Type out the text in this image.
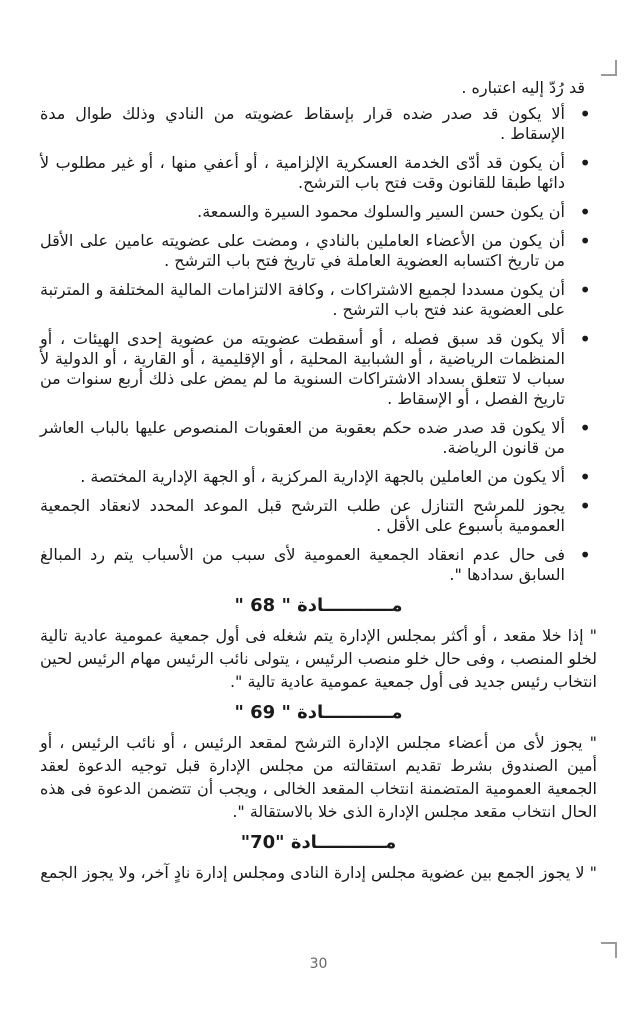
قد رُدّ إليه اعتباره .

• ألا يكون قد صدر ضده قرار بإسقاط عضويته من النادي وذلك طوال مدة الإسقاط .
• أن يكون قد أدّى الخدمة العسكرية الإلزامية ، أو أعفي منها ، أو غير مطلوب لأ دائها طبقا للقانون وقت فتح باب الترشح.
• أن يكون حسن السير والسلوك محمود السيرة والسمعة.
• أن يكون من الأعضاء العاملين بالنادي ، ومضت على عضويته عامين على الأقل من تاريخ اكتسابه العضوية العاملة في تاريخ فتح باب الترشح .
• أن يكون مسددا لجميع الاشتراكات ، وكافة الالتزامات المالية المختلفة و المترتبة على العضوية عند فتح باب الترشح .
• ألا يكون قد سبق فصله ، أو أسقطت عضويته من عضوية إحدى الهيئات ، أو المنظمات الرياضية ، أو الشبابية المحلية ، أو الإقليمية ، أو القارية ، أو الدولية لأ سباب لا تتعلق بسداد الاشتراكات السنوية ما لم يمض على ذلك أربع سنوات من تاريخ الفصل ، أو الإسقاط .
• ألا يكون قد صدر ضده حكم بعقوبة من العقوبات المنصوص عليها بالباب العاشر من قانون الرياضة.
• ألا يكون من العاملين بالجهة الإدارية المركزية ، أو الجهة الإدارية المختصة .
• يجوز للمرشح التنازل عن طلب الترشح قبل الموعد المحدد لانعقاد الجمعية العمومية بأسبوع على الأقل .
• فى حال عدم انعقاد الجمعية العمومية لأى سبب من الأسباب يتم رد المبالغ السابق سدادها ".
مـــــــــــادة " 68 "

" إذا خلا مقعد ، أو أكثر بمجلس الإدارة يتم شغله فى أول جمعية عمومية عادية تالية لخلو المنصب ، وفى حال خلو منصب الرئيس ، يتولى نائب الرئيس مهام الرئيس لحين انتخاب رئيس جديد فى أول جمعية عمومية عادية تالية ".

مـــــــــــادة " 69 "

" يجوز لأى من أعضاء مجلس الإدارة الترشح لمقعد الرئيس ، أو نائب الرئيس ، أو أمين الصندوق بشرط تقديم استقالته من مجلس الإدارة قبل توجيه الدعوة لعقد الجمعية العمومية المتضمنة انتخاب المقعد الخالى ، ويجب أن تتضمن الدعوة فى هذه الحال انتخاب مقعد مجلس الإدارة الذى خلا بالاستقالة ".

مـــــــــــادة "70"

" لا يجوز الجمع بين عضوية مجلس إدارة النادى ومجلس إدارة نادٍ آخر، ولا يجوز الجمع

30
